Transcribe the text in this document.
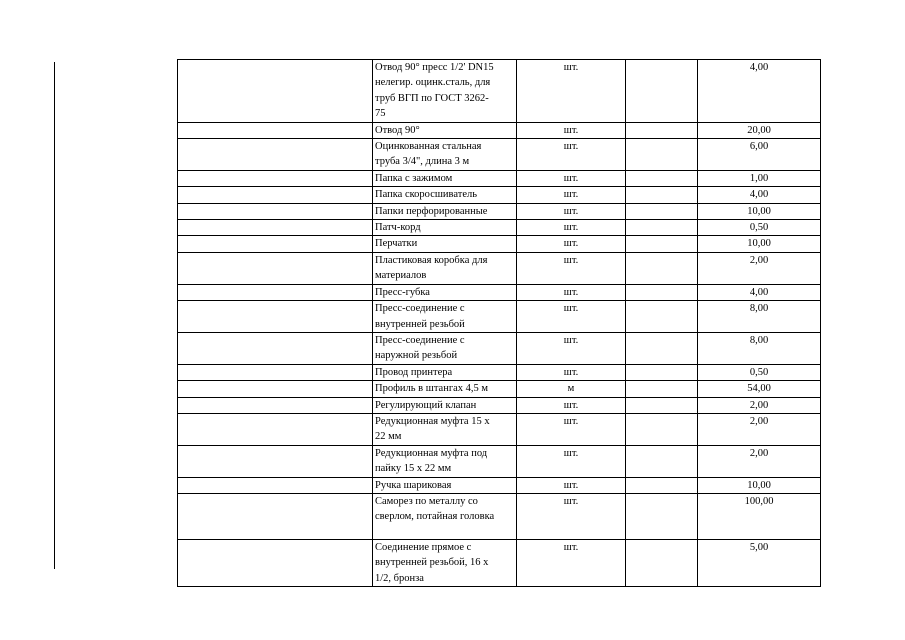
	Отвод 90° пресс 1/2' DN15
нелегир. оцинк.сталь, для
труб ВГП по ГОСТ 3262-
75	шт.		4,00
	Отвод 90°	шт.		20,00
	Оцинкованная стальная
труба 3/4", длина 3 м	шт.		6,00
	Папка с зажимом	шт.		1,00
	Папка скоросшиватель	шт.		4,00
	Папки перфорированные	шт.		10,00
	Патч-корд	шт.		0,50
	Перчатки	шт.		10,00
	Пластиковая коробка для
материалов	шт.		2,00
	Пресс-губка	шт.		4,00
	Пресс-соединение с
внутренней резьбой	шт.		8,00
	Пресс-соединение с
наружной резьбой	шт.		8,00
	Провод принтера	шт.		0,50
	Профиль в штангах 4,5 м	м		54,00
	Регулирующий клапан	шт.		2,00
	Редукционная муфта 15 х
22 мм	шт.		2,00
	Редукционная муфта под
пайку 15 х 22 мм	шт.		2,00
	Ручка шариковая	шт.		10,00
	Саморез по металлу со
сверлом, потайная головка	шт.		100,00
	Соединение прямое с
внутренней резьбой, 16 х
1/2, бронза	шт.		5,00
